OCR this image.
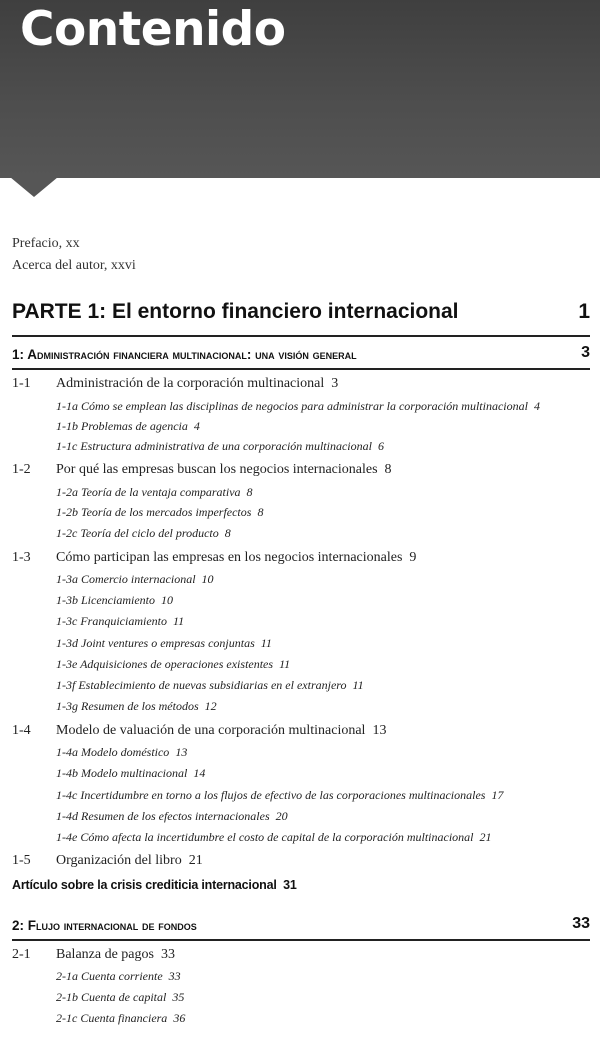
Contenido
Prefacio, xx
Acerca del autor, xxvi
PARTE 1: El entorno financiero internacional	1
1: Administración financiera multinacional: una visión general	3
1-1 Administración de la corporación multinacional 3
1-1a Cómo se emplean las disciplinas de negocios para administrar la corporación multinacional 4
1-1b Problemas de agencia 4
1-1c Estructura administrativa de una corporación multinacional 6
1-2 Por qué las empresas buscan los negocios internacionales 8
1-2a Teoría de la ventaja comparativa 8
1-2b Teoría de los mercados imperfectos 8
1-2c Teoría del ciclo del producto 8
1-3 Cómo participan las empresas en los negocios internacionales 9
1-3a Comercio internacional 10
1-3b Licenciamiento 10
1-3c Franquiciamiento 11
1-3d Joint ventures o empresas conjuntas 11
1-3e Adquisiciones de operaciones existentes 11
1-3f Establecimiento de nuevas subsidiarias en el extranjero 11
1-3g Resumen de los métodos 12
1-4 Modelo de valuación de una corporación multinacional 13
1-4a Modelo doméstico 13
1-4b Modelo multinacional 14
1-4c Incertidumbre en torno a los flujos de efectivo de las corporaciones multinacionales 17
1-4d Resumen de los efectos internacionales 20
1-4e Cómo afecta la incertidumbre el costo de capital de la corporación multinacional 21
1-5 Organización del libro 21
Artículo sobre la crisis crediticia internacional 31
2: Flujo internacional de fondos	33
2-1 Balanza de pagos 33
2-1a Cuenta corriente 33
2-1b Cuenta de capital 35
2-1c Cuenta financiera 36
